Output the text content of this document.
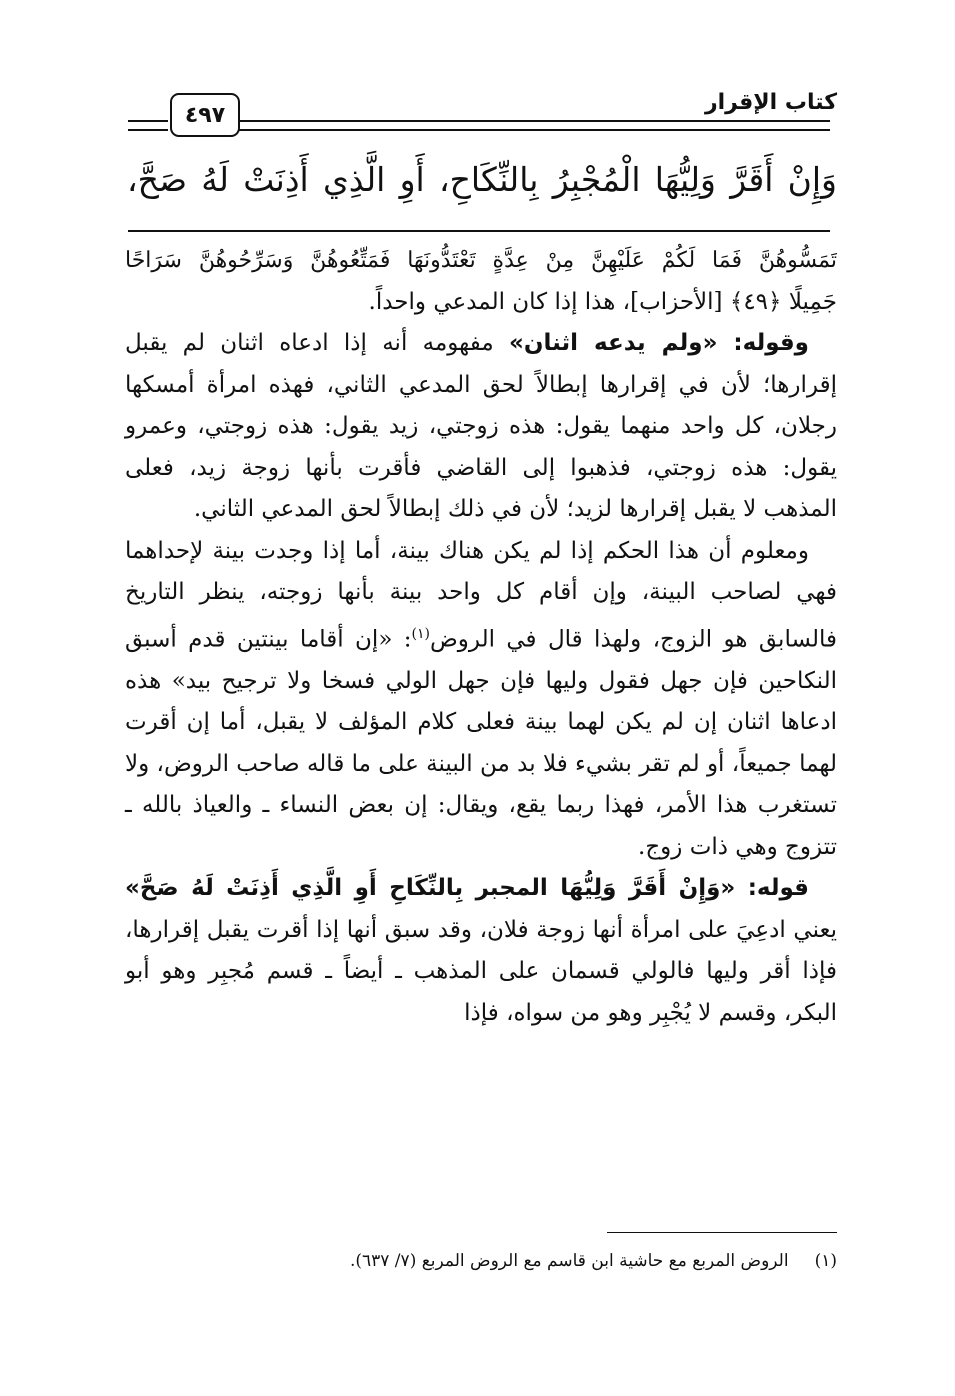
كتاب الإقرار
٤٩٧
وَإِنْ أَقَرَّ وَلِيُّهَا الْمُجْبِرُ بِالنِّكَاحِ، أَوِ الَّذِي أَذِنَتْ لَهُ صَحَّ،

تَمَسُّوهُنَّ فَمَا لَكُمْ عَلَيْهِنَّ مِنْ عِدَّةٍ تَعْتَدُّونَهَا فَمَتِّعُوهُنَّ وَسَرِّحُوهُنَّ سَرَاحًا

جَمِيلًا ﴿٤٩﴾ [الأحزاب]، هذا إذا كان المدعي واحداً.

وقوله: «ولم يدعه اثنان» مفهومه أنه إذا ادعاه اثنان لم يقبل إقرارها؛ لأن في إقرارها إبطالاً لحق المدعي الثاني، فهذه امرأة أمسكها رجلان، كل واحد منهما يقول: هذه زوجتي، زيد يقول: هذه زوجتي، وعمرو يقول: هذه زوجتي، فذهبوا إلى القاضي فأقرت بأنها زوجة زيد، فعلى المذهب لا يقبل إقرارها لزيد؛ لأن في ذلك إبطالاً لحق المدعي الثاني.

ومعلوم أن هذا الحكم إذا لم يكن هناك بينة، أما إذا وجدت بينة لإحداهما فهي لصاحب البينة، وإن أقام كل واحد بينة بأنها زوجته، ينظر التاريخ فالسابق هو الزوج، ولهذا قال في الروض$^{(١)}$: «إن أقاما بينتين قدم أسبق النكاحين فإن جهل فقول وليها فإن جهل الولي فسخا ولا ترجيح بيد» هذه ادعاها اثنان إن لم يكن لهما بينة فعلى كلام المؤلف لا يقبل، أما إن أقرت لهما جميعاً، أو لم تقر بشيء فلا بد من البينة على ما قاله صاحب الروض، ولا تستغرب هذا الأمر، فهذا ربما يقع، ويقال: إن بعض النساء ـ والعياذ بالله ـ تتزوج وهي ذات زوج.

قوله: «وَإِنْ أَقَرَّ وَلِيُّهَا المجبر بِالنِّكَاحِ أَوِ الَّذِي أَذِنَتْ لَهُ صَحَّ» يعني ادعِيَ على امرأة أنها زوجة فلان، وقد سبق أنها إذا أقرت يقبل إقرارها، فإذا أقر وليها فالولي قسمان على المذهب ـ أيضاً ـ قسم مُجبِر وهو أبو البكر، وقسم لا يُجْبِر وهو من سواه، فإذا

(١)الروض المربع مع حاشية ابن قاسم مع الروض المربع (٧/ ٦٣٧).
